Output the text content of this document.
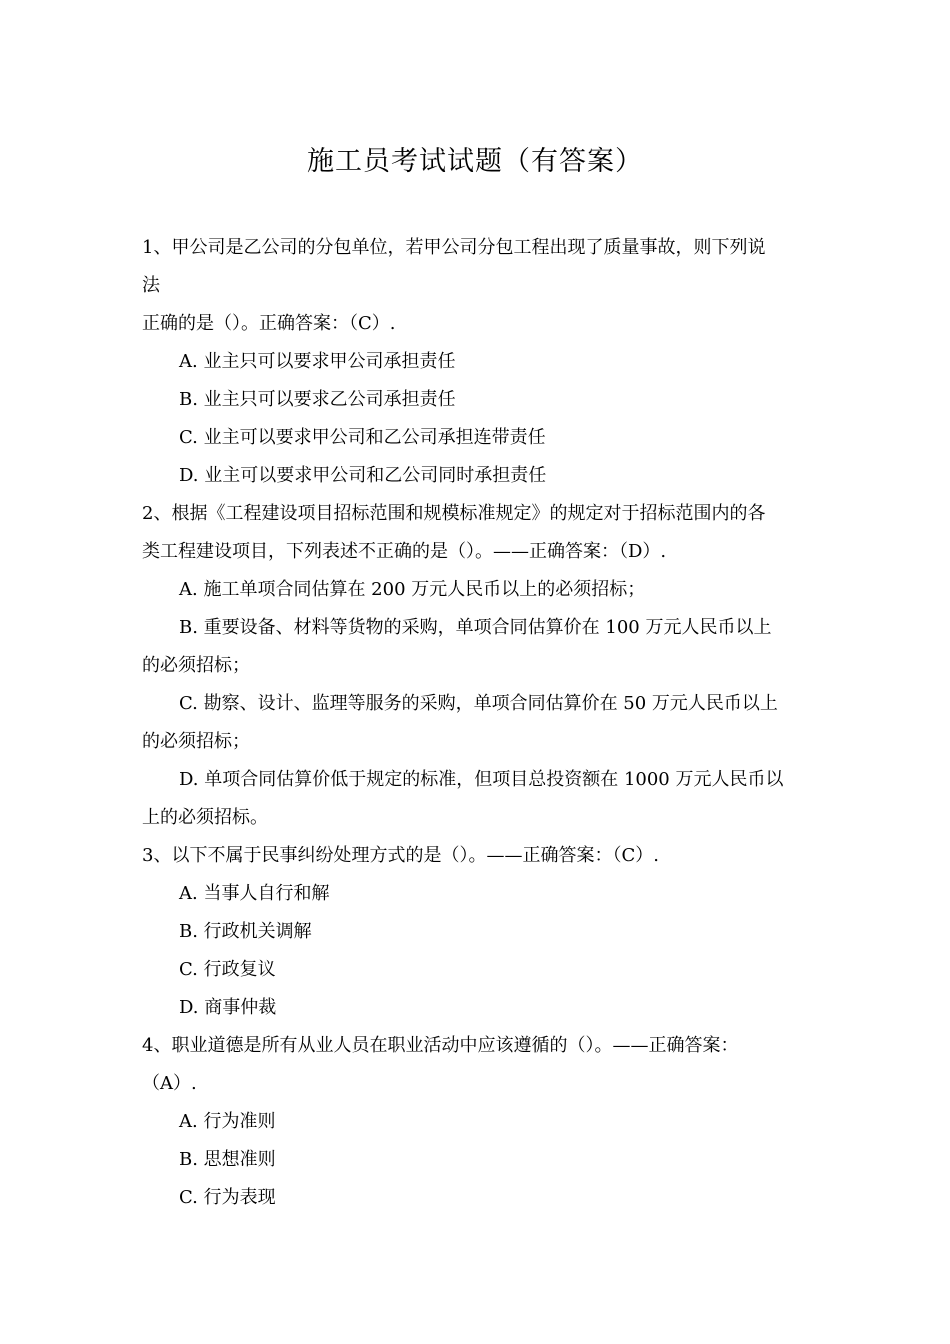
施工员考试试题（有答案）
1、甲公司是乙公司的分包单位，若甲公司分包工程出现了质量事故，则下列说
法
正确的是（）。正确答案：（C）.
A. 业主只可以要求甲公司承担责任
B. 业主只可以要求乙公司承担责任
C. 业主可以要求甲公司和乙公司承担连带责任
D. 业主可以要求甲公司和乙公司同时承担责任
2、根据《工程建设项目招标范围和规模标准规定》的规定对于招标范围内的各
类工程建设项目，下列表述不正确的是（）。——正确答案：（D）.
A. 施工单项合同估算在 200 万元人民币以上的必须招标；
B. 重要设备、材料等货物的采购，单项合同估算价在 100 万元人民币以上
的必须招标；
C. 勘察、设计、监理等服务的采购，单项合同估算价在 50 万元人民币以上
的必须招标；
D. 单项合同估算价低于规定的标准，但项目总投资额在 1000 万元人民币以
上的必须招标。
3、以下不属于民事纠纷处理方式的是（）。——正确答案：（C）.
A. 当事人自行和解
B. 行政机关调解
C. 行政复议
D. 商事仲裁
4、职业道德是所有从业人员在职业活动中应该遵循的（）。——正确答案：
（A）.
A. 行为准则
B. 思想准则
C. 行为表现
